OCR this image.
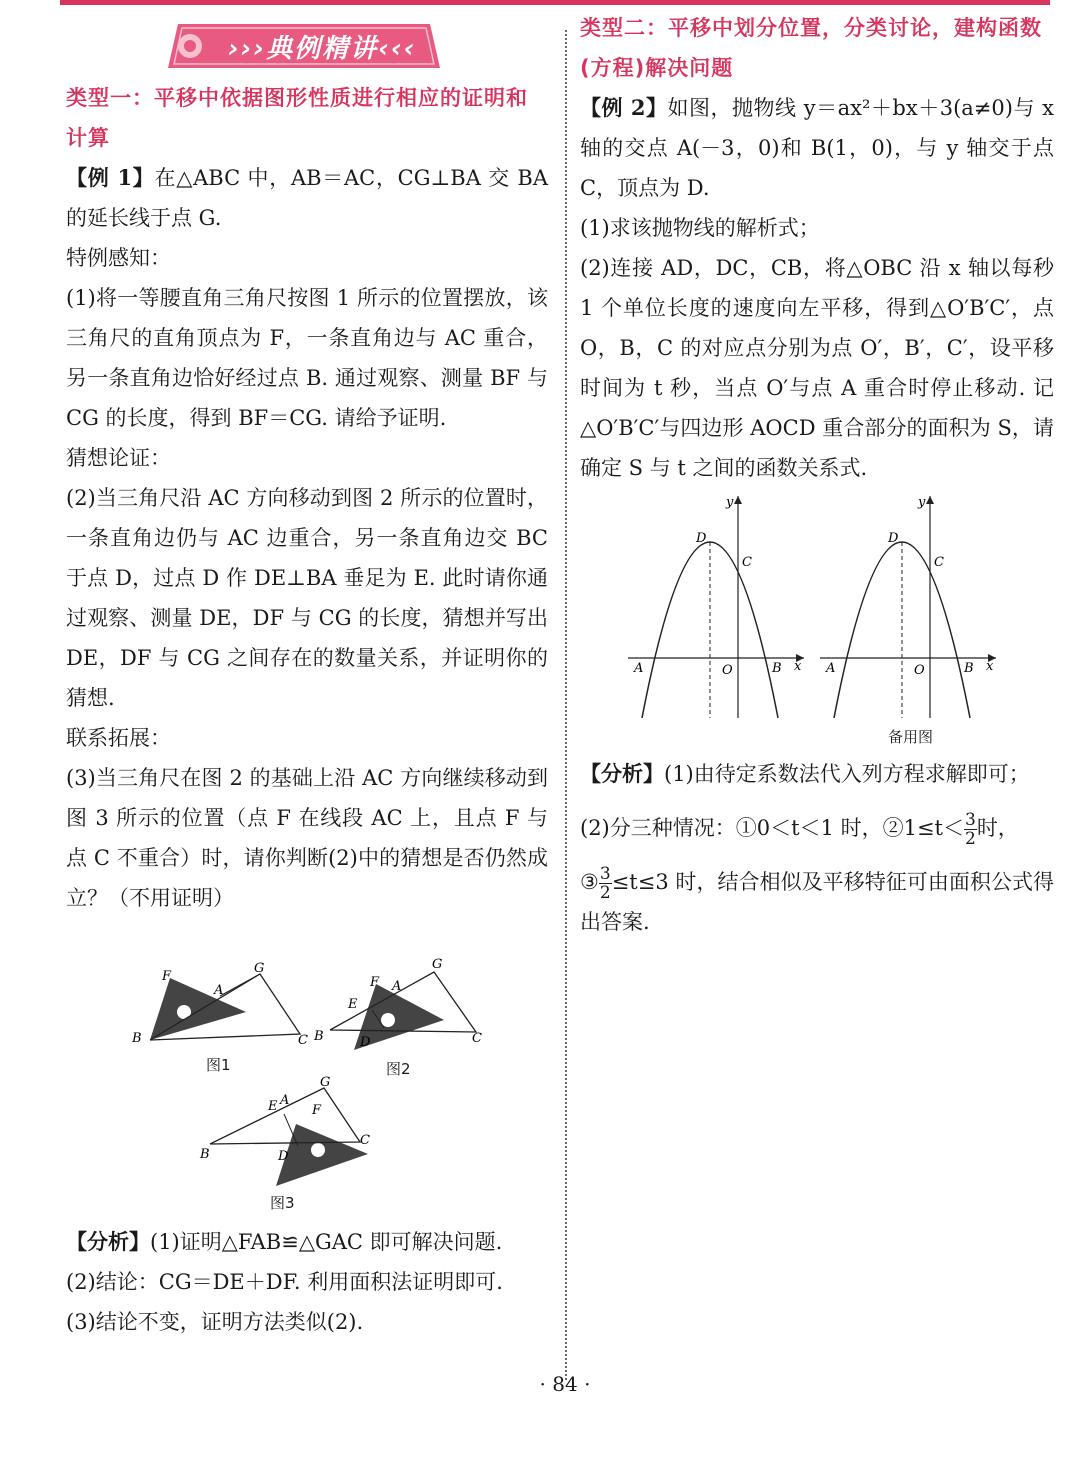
›››典例精讲‹‹‹
类型一：平移中依据图形性质进行相应的证明和计算
【例 1】在△ABC 中，AB＝AC，CG⊥BA 交 BA 的延长线于点 G.
特例感知：
(1)将一等腰直角三角尺按图 1 所示的位置摆放，该三角尺的直角顶点为 F，一条直角边与 AC 重合，另一条直角边恰好经过点 B. 通过观察、测量 BF 与 CG 的长度，得到 BF＝CG. 请给予证明.
猜想论证：
(2)当三角尺沿 AC 方向移动到图 2 所示的位置时，一条直角边仍与 AC 边重合，另一条直角边交 BC 于点 D，过点 D 作 DE⊥BA 垂足为 E. 此时请你通过观察、测量 DE，DF 与 CG 的长度，猜想并写出 DE，DF 与 CG 之间存在的数量关系，并证明你的猜想.
联系拓展：
(3)当三角尺在图 2 的基础上沿 AC 方向继续移动到图 3 所示的位置（点 F 在线段 AC 上，且点 F 与点 C 不重合）时，请你判断(2)中的猜想是否仍然成立？（不用证明）
F
A
G
B	C
图1
F A
G
E
B	C
D
图2
F
A
G
E
B
C
D
图3
【分析】(1)证明△FAB≌△GAC 即可解决问题.
(2)结论：CG＝DE＋DF. 利用面积法证明即可.
(3)结论不变，证明方法类似(2).
类型二：平移中划分位置，分类讨论，建构函数(方程)解决问题
【例 2】如图，抛物线 y＝ax²＋bx＋3(a≠0)与 x 轴的交点 A(－3，0)和 B(1，0)，与 y 轴交于点 C，顶点为 D.
(1)求该抛物线的解析式；
(2)连接 AD，DC，CB，将△OBC 沿 x 轴以每秒 1 个单位长度的速度向左平移，得到△O′B′C′，点 O，B，C 的对应点分别为点 O′，B′，C′，设平移时间为 t 秒，当点 O′与点 A 重合时停止移动. 记△O′B′C′与四边形 AOCD 重合部分的面积为 S，请确定 S 与 t 之间的函数关系式.
D
C
A	O	B x
y
D
C
A	O	B x
y
备用图
【分析】(1)由待定系数法代入列方程求解即可；
(2)分三种情况：①0＜t＜1 时，②1≤t＜ $\frac{3}{2}$ 时，
③ $\frac{3}{2} \le t\le 3$ 时，结合相似及平移特征可由面积公式得出答案.
· 84 ·
